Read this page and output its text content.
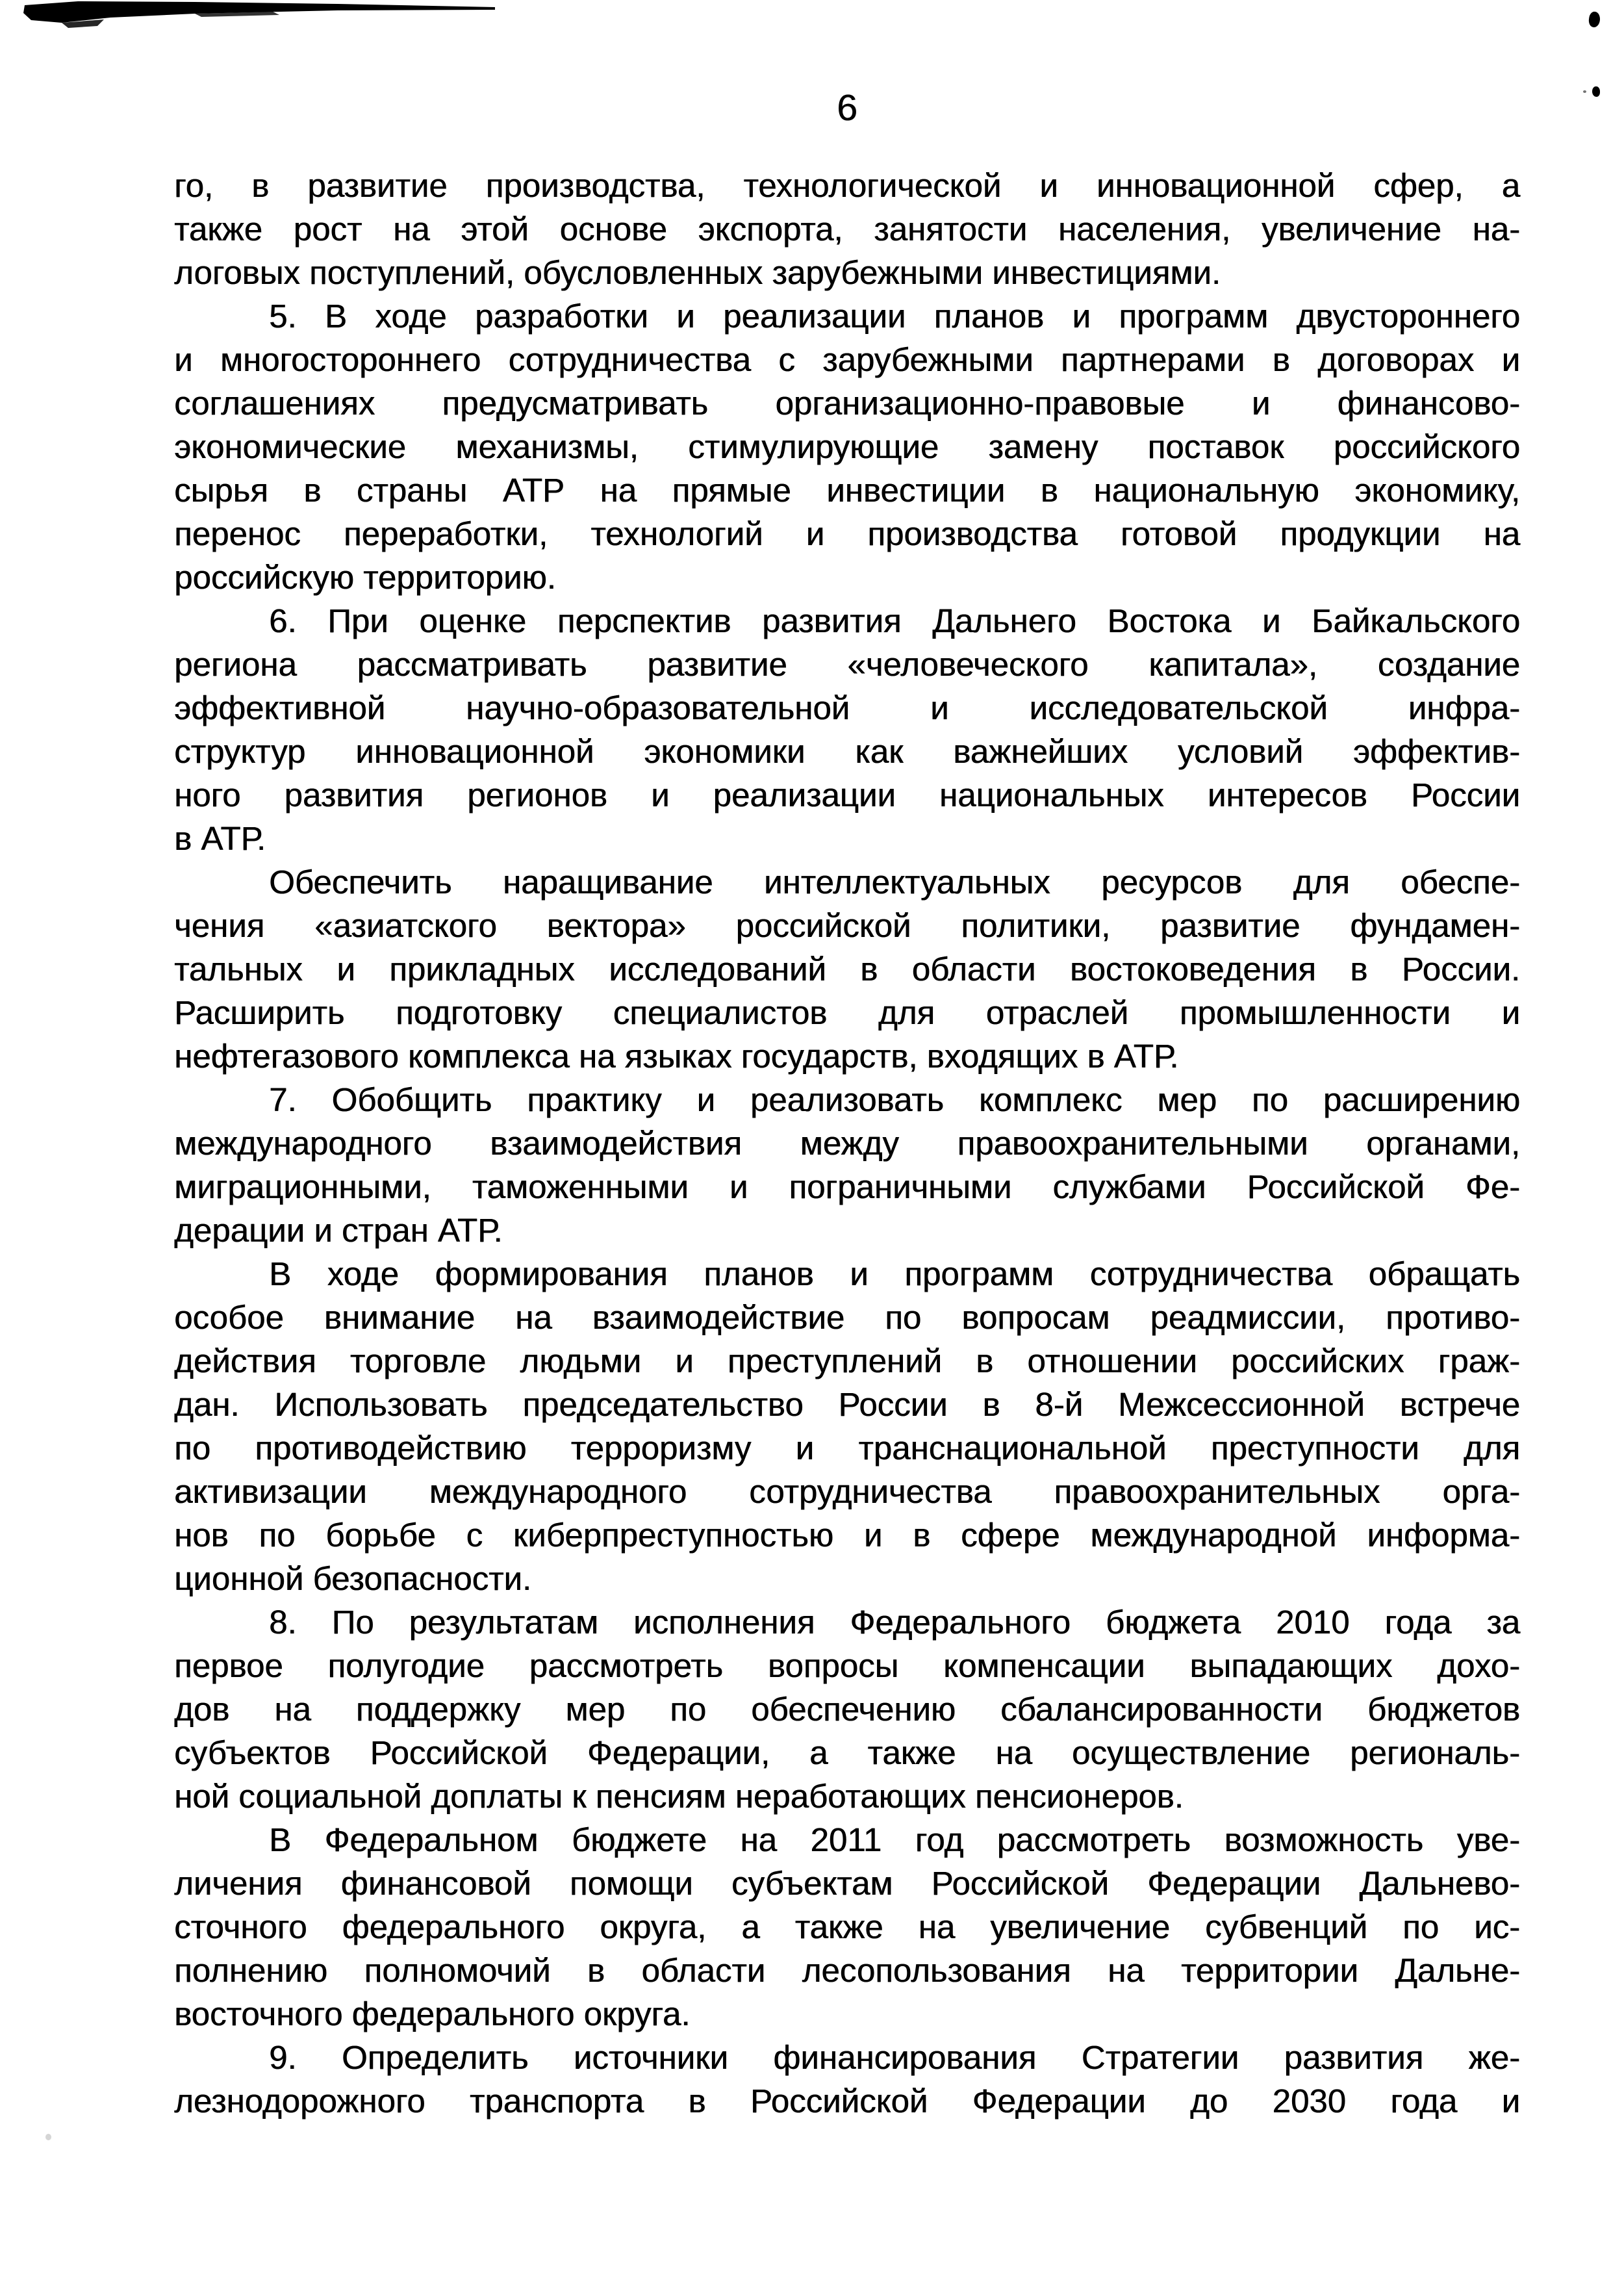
6
го, в развитие производства, технологической и инновационной сфер, а
также рост на этой основе экспорта, занятости населения, увеличение на-
логовых поступлений, обусловленных зарубежными инвестициями.
5. В ходе разработки и реализации планов и программ двустороннего
и многостороннего сотрудничества с зарубежными партнерами в договорах и
соглашениях предусматривать организационно-правовые и финансово-
экономические механизмы, стимулирующие замену поставок российского
сырья в страны АТР на прямые инвестиции в национальную экономику,
перенос переработки, технологий и производства готовой продукции на
российскую территорию.
6. При оценке перспектив развития Дальнего Востока и Байкальского
региона рассматривать развитие «человеческого капитала», создание
эффективной научно-образовательной и исследовательской инфра-
структур инновационной экономики как важнейших условий эффектив-
ного развития регионов и реализации национальных интересов России
в АТР.
Обеспечить наращивание интеллектуальных ресурсов для обеспе-
чения «азиатского вектора» российской политики, развитие фундамен-
тальных и прикладных исследований в области востоковедения в России.
Расширить подготовку специалистов для отраслей промышленности и
нефтегазового комплекса на языках государств, входящих в АТР.
7. Обобщить практику и реализовать комплекс мер по расширению
международного взаимодействия между правоохранительными органами,
миграционными, таможенными и пограничными службами Российской Фе-
дерации и стран АТР.
В ходе формирования планов и программ сотрудничества обращать
особое внимание на взаимодействие по вопросам реадмиссии, противо-
действия торговле людьми и преступлений в отношении российских граж-
дан. Использовать председательство России в 8-й Межсессионной встрече
по противодействию терроризму и транснациональной преступности для
активизации международного сотрудничества правоохранительных орга-
нов по борьбе с киберпреступностью и в сфере международной информа-
ционной безопасности.
8. По результатам исполнения Федерального бюджета 2010 года за
первое полугодие рассмотреть вопросы компенсации выпадающих дохо-
дов на поддержку мер по обеспечению сбалансированности бюджетов
субъектов Российской Федерации, а также на осуществление региональ-
ной социальной доплаты к пенсиям неработающих пенсионеров.
В Федеральном бюджете на 2011 год рассмотреть возможность уве-
личения финансовой помощи субъектам Российской Федерации Дальнево-
сточного федерального округа, а также на увеличение субвенций по ис-
полнению полномочий в области лесопользования на территории Дальне-
восточного федерального округа.
9. Определить источники финансирования Стратегии развития же-
лезнодорожного транспорта в Российской Федерации до 2030 года и
